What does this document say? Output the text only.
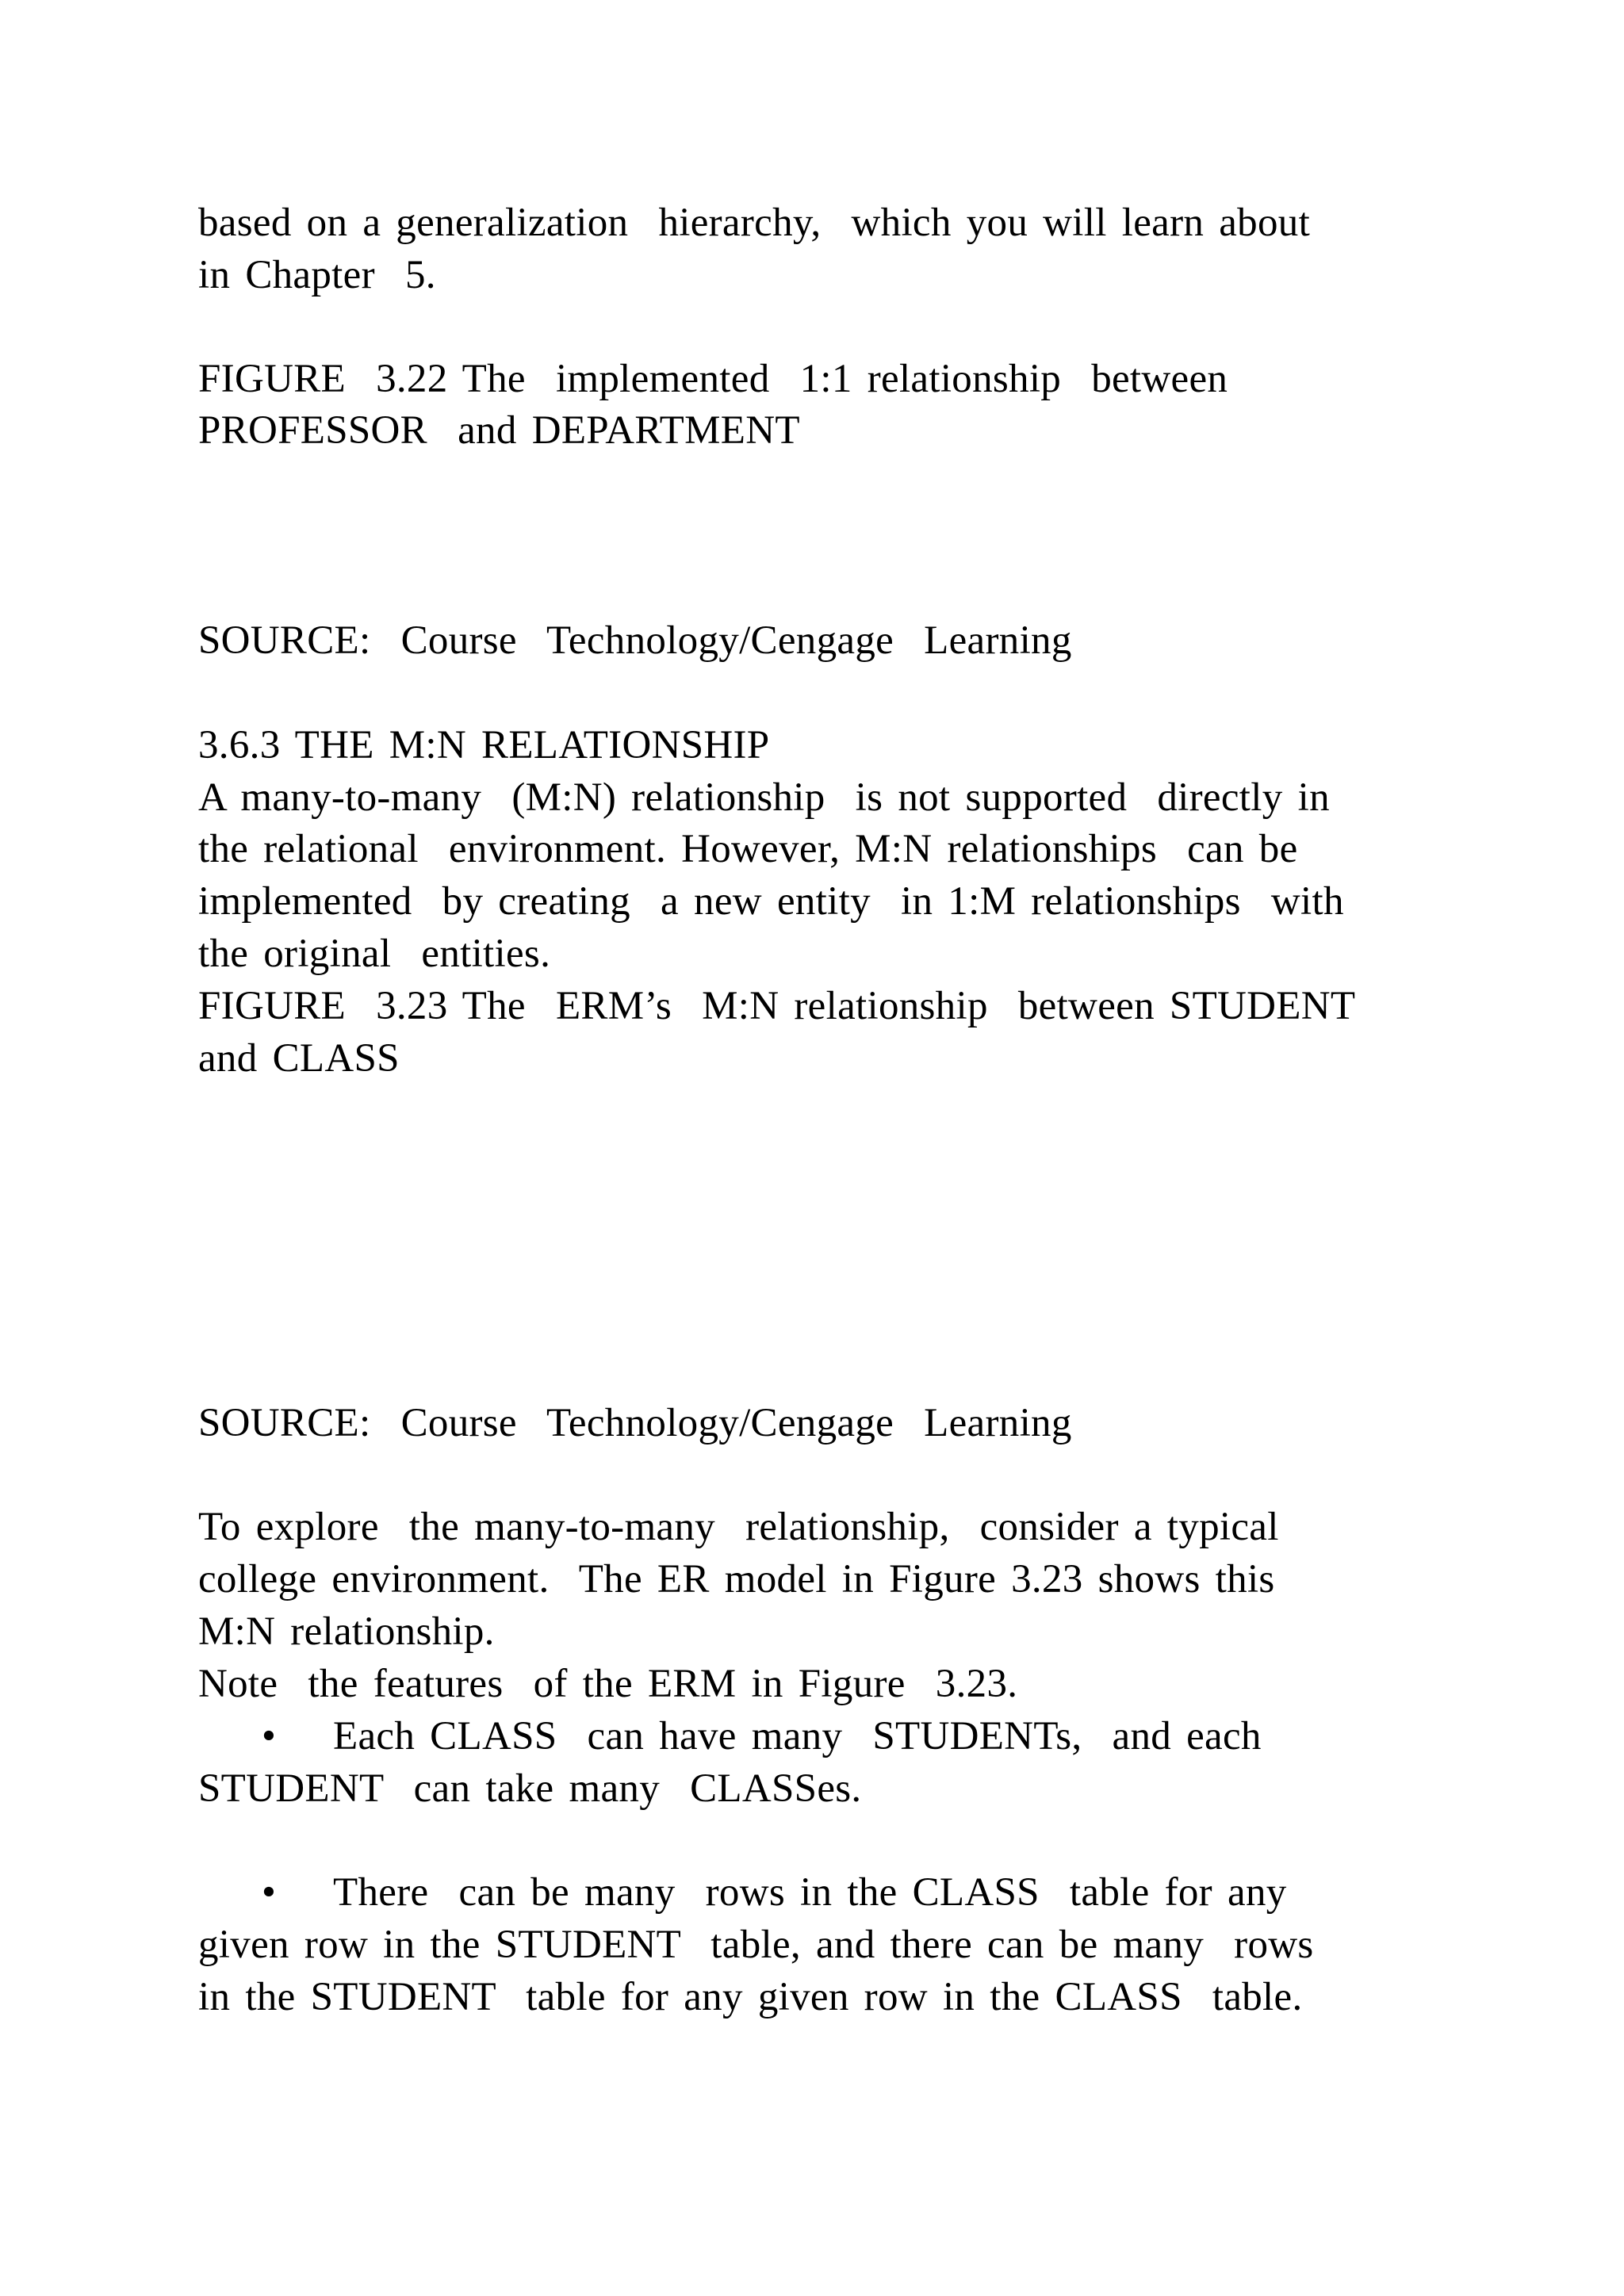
based on a generalization  hierarchy,  which you will learn about
in Chapter  5.
FIGURE  3.22 The  implemented  1:1 relationship  between
PROFESSOR  and DEPARTMENT
SOURCE:  Course  Technology/Cengage  Learning
3.6.3 THE M:N RELATIONSHIP
A many-to-many  (M:N) relationship  is not supported  directly in
the relational  environment. However, M:N relationships  can be
implemented  by creating  a new entity  in 1:M relationships  with
the original  entities.
FIGURE  3.23 The  ERM’s  M:N relationship  between STUDENT
and CLASS
SOURCE:  Course  Technology/Cengage  Learning
To explore  the many-to-many  relationship,  consider a typical
college environment.  The ER model in Figure 3.23 shows this
M:N relationship.
Note  the features  of the ERM in Figure  3.23.
• Each CLASS  can have many  STUDENTs,  and each
STUDENT  can take many  CLASSes.
• There  can be many  rows in the CLASS  table for any
given row in the STUDENT  table, and there can be many  rows
in the STUDENT  table for any given row in the CLASS  table.
